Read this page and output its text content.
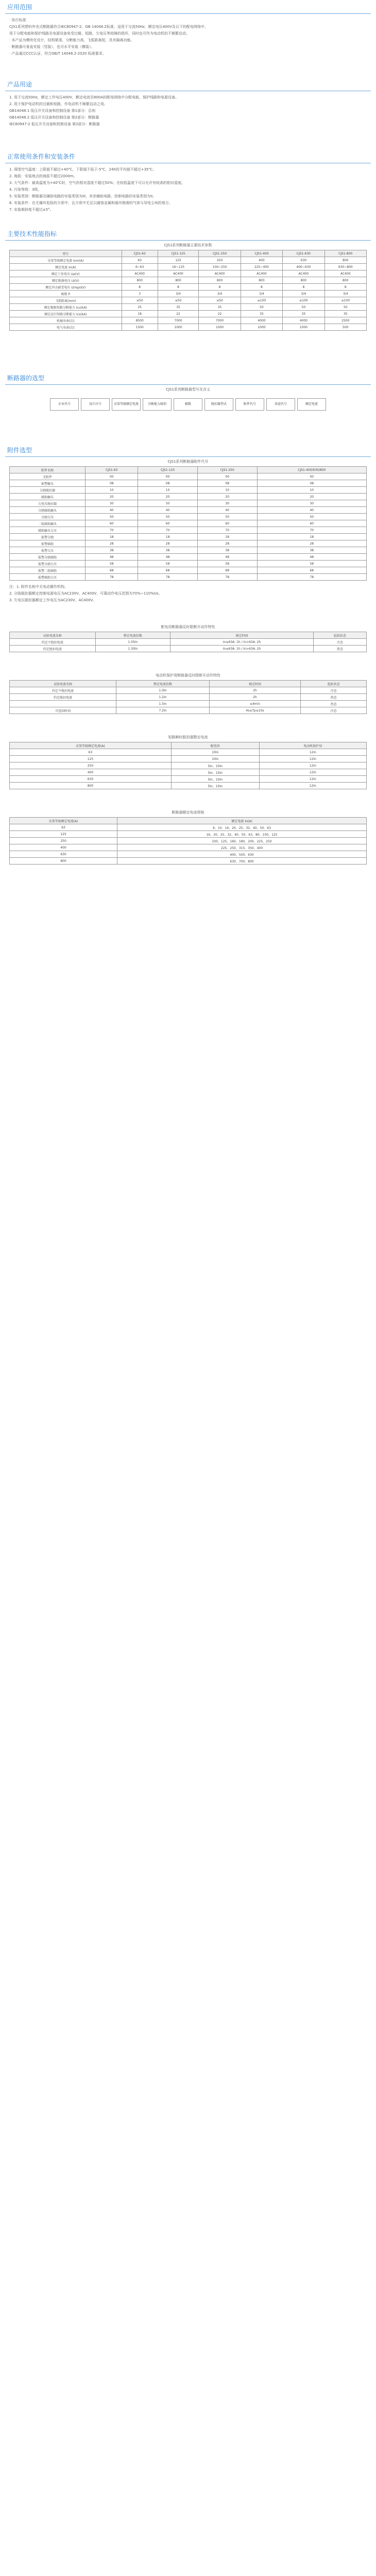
应用范围

· 执行标准

CJS1系列塑料外壳式断路器符合IEC60947-2、GB 14048.2标准，适用于交流50Hz，额定电压400V及以下的配电网络中，

用于分配电能和保护线路及电源设备免受过载、短路、欠电压等故障的损坏，同时也可作为电动机的不频繁启动。

· 本产品为模块化设计，结构紧凑，分断能力高，飞弧距离短，具有隔离功能。

· 断路器可垂直安装（竖装），也可水平安装（横装）。

· 产品通过CCC认证，符合GB/T 14048.2-2020 标准要求。

产品用途

1. 用于交流50Hz，额定工作电压400V，额定电流至800A的配电网络中分配电能，保护线路和电源设备。

2. 用于保护电动机的过载和短路，作电动机不频繁启动之用。

GB14048.1 低压开关设备和控制设备 第1部分：总则

GB14048.2 低压开关设备和控制设备 第2部分：断路器

IEC60947-2 低压开关设备和控制设备 第2部分：断路器

正常使用条件和安装条件

1. 周围空气温度：上限值不超过+40℃，下限值不低于-5℃，24h的平均值不超过+35℃。

2. 海拔：安装地点的海拔不超过2000m。

3. 大气条件：最高温度为+40℃时，空气的相对湿度不超过50%；在较低温度下可以允许有较高的相对湿度。

4. 污染等级：3级。

5. 安装类别：断路器及辅助电路的安装类别为III，其余辅助电路、控制电路的安装类别为II。

6. 安装条件：在无爆炸危险的介质中，且介质中无足以腐蚀金属和破坏绝缘的气体与导电尘埃的地方。

7. 安装倾斜度不超过±5°。

主要技术性能指标
CJS1系列断路器主要技术参数
型号	CJS1-63	CJS1-125	CJS1-250	CJS1-400	CJS1-630	CJS1-800
壳架等级额定电流 Inm(A)	63	125	250	400	630	800
额定电流 In(A)	6~63	16~125	100~250	225~400	400~630	630~800
额定工作电压 Ue(V)	AC400	AC400	AC400	AC400	AC400	AC400
额定绝缘电压 Ui(V)	800	800	800	800	800	800
额定冲击耐受电压 Uimp(kV)	8	8	8	8	8	8
极数 P	3	3/4	3/4	3/4	3/4	3/4
飞弧距离(mm)	≤50	≤50	≤50	≤100	≤100	≤100
额定极限短路分断能力 Icu(kA)	25	35	35	50	50	50
额定运行短路分断能力 Ics(kA)	18	22	22	35	35	35
机械寿命(次)	8500	7000	7000	4000	4000	2500
电气寿命(次)	1500	1000	1000	1000	1000	500
断路器的选型
CJS1系列断路器型号及含义
企业代号	设计序号	壳架等级额定电流	分断能力级别	极数	脱扣器型式	附件代号	用途代号	额定电流
附件选型
CJS1系列断路器附件代号
附件名称	CJS1-63	CJS1-125	CJS1-250	CJS1-400/630/800
无附件	00	00	00	00
报警触头	08	08	08	08
分励脱扣器	10	10	10	10
辅助触头	20	20	20	20
欠电压脱扣器	30	30	30	30
分励辅助触头	40	40	40	40
分励欠压	50	50	50	50
二组辅助触头	60	60	60	60
辅助触头欠压	70	70	70	70
报警分励	18	18	18	18
报警辅助	28	28	28	28
报警欠压	38	38	38	38
报警分励辅助	48	48	48	48
报警分励欠压	58	58	58	58
报警二组辅助	68	68	68	68
报警辅助欠压	78	78	78	78

注：1. 附件名称中无电动操作机构。

2. 分励脱扣器额定控制电源电压为AC230V、AC400V，可靠动作电压范围为70%~110%Us。

3. 欠电压脱扣器额定工作电压为AC230V、AC400V。

配电用断路器反时限断开动作特性
试验电流名称	整定电流倍数	规定时间	起始状态
约定不脱扣电流	1.05In	In≤63A: 1h / In>63A: 2h	冷态
约定脱扣电流	1.30In	In≤63A: 1h / In>63A: 2h	热态
电动机保护用断路器反时限断开动作特性
试验电流名称	整定电流倍数	规定时间	起始状态
约定不脱扣电流	1.0In	2h	冷态
约定脱扣电流	1.2In	2h	热态
	1.5In	≤4min	热态
可返回时间	7.2In	4s≤Tp≤10s	冷态
短路瞬时脱扣器整定电流
壳架等级额定电流(A)	配电用	电动机保护用
63	10In	12In
125	10In	12In
250	5In、10In	12In
400	5In、10In	12In
630	5In、10In	12In
800	5In、10In	12In
断路器额定电流规格
壳架等级额定电流(A)	额定电流 In(A)
63	6、10、16、20、25、32、40、50、63
125	16、20、25、32、40、50、63、80、100、125
250	100、125、160、180、200、225、250
400	225、250、315、350、400
630	400、500、630
800	630、700、800
